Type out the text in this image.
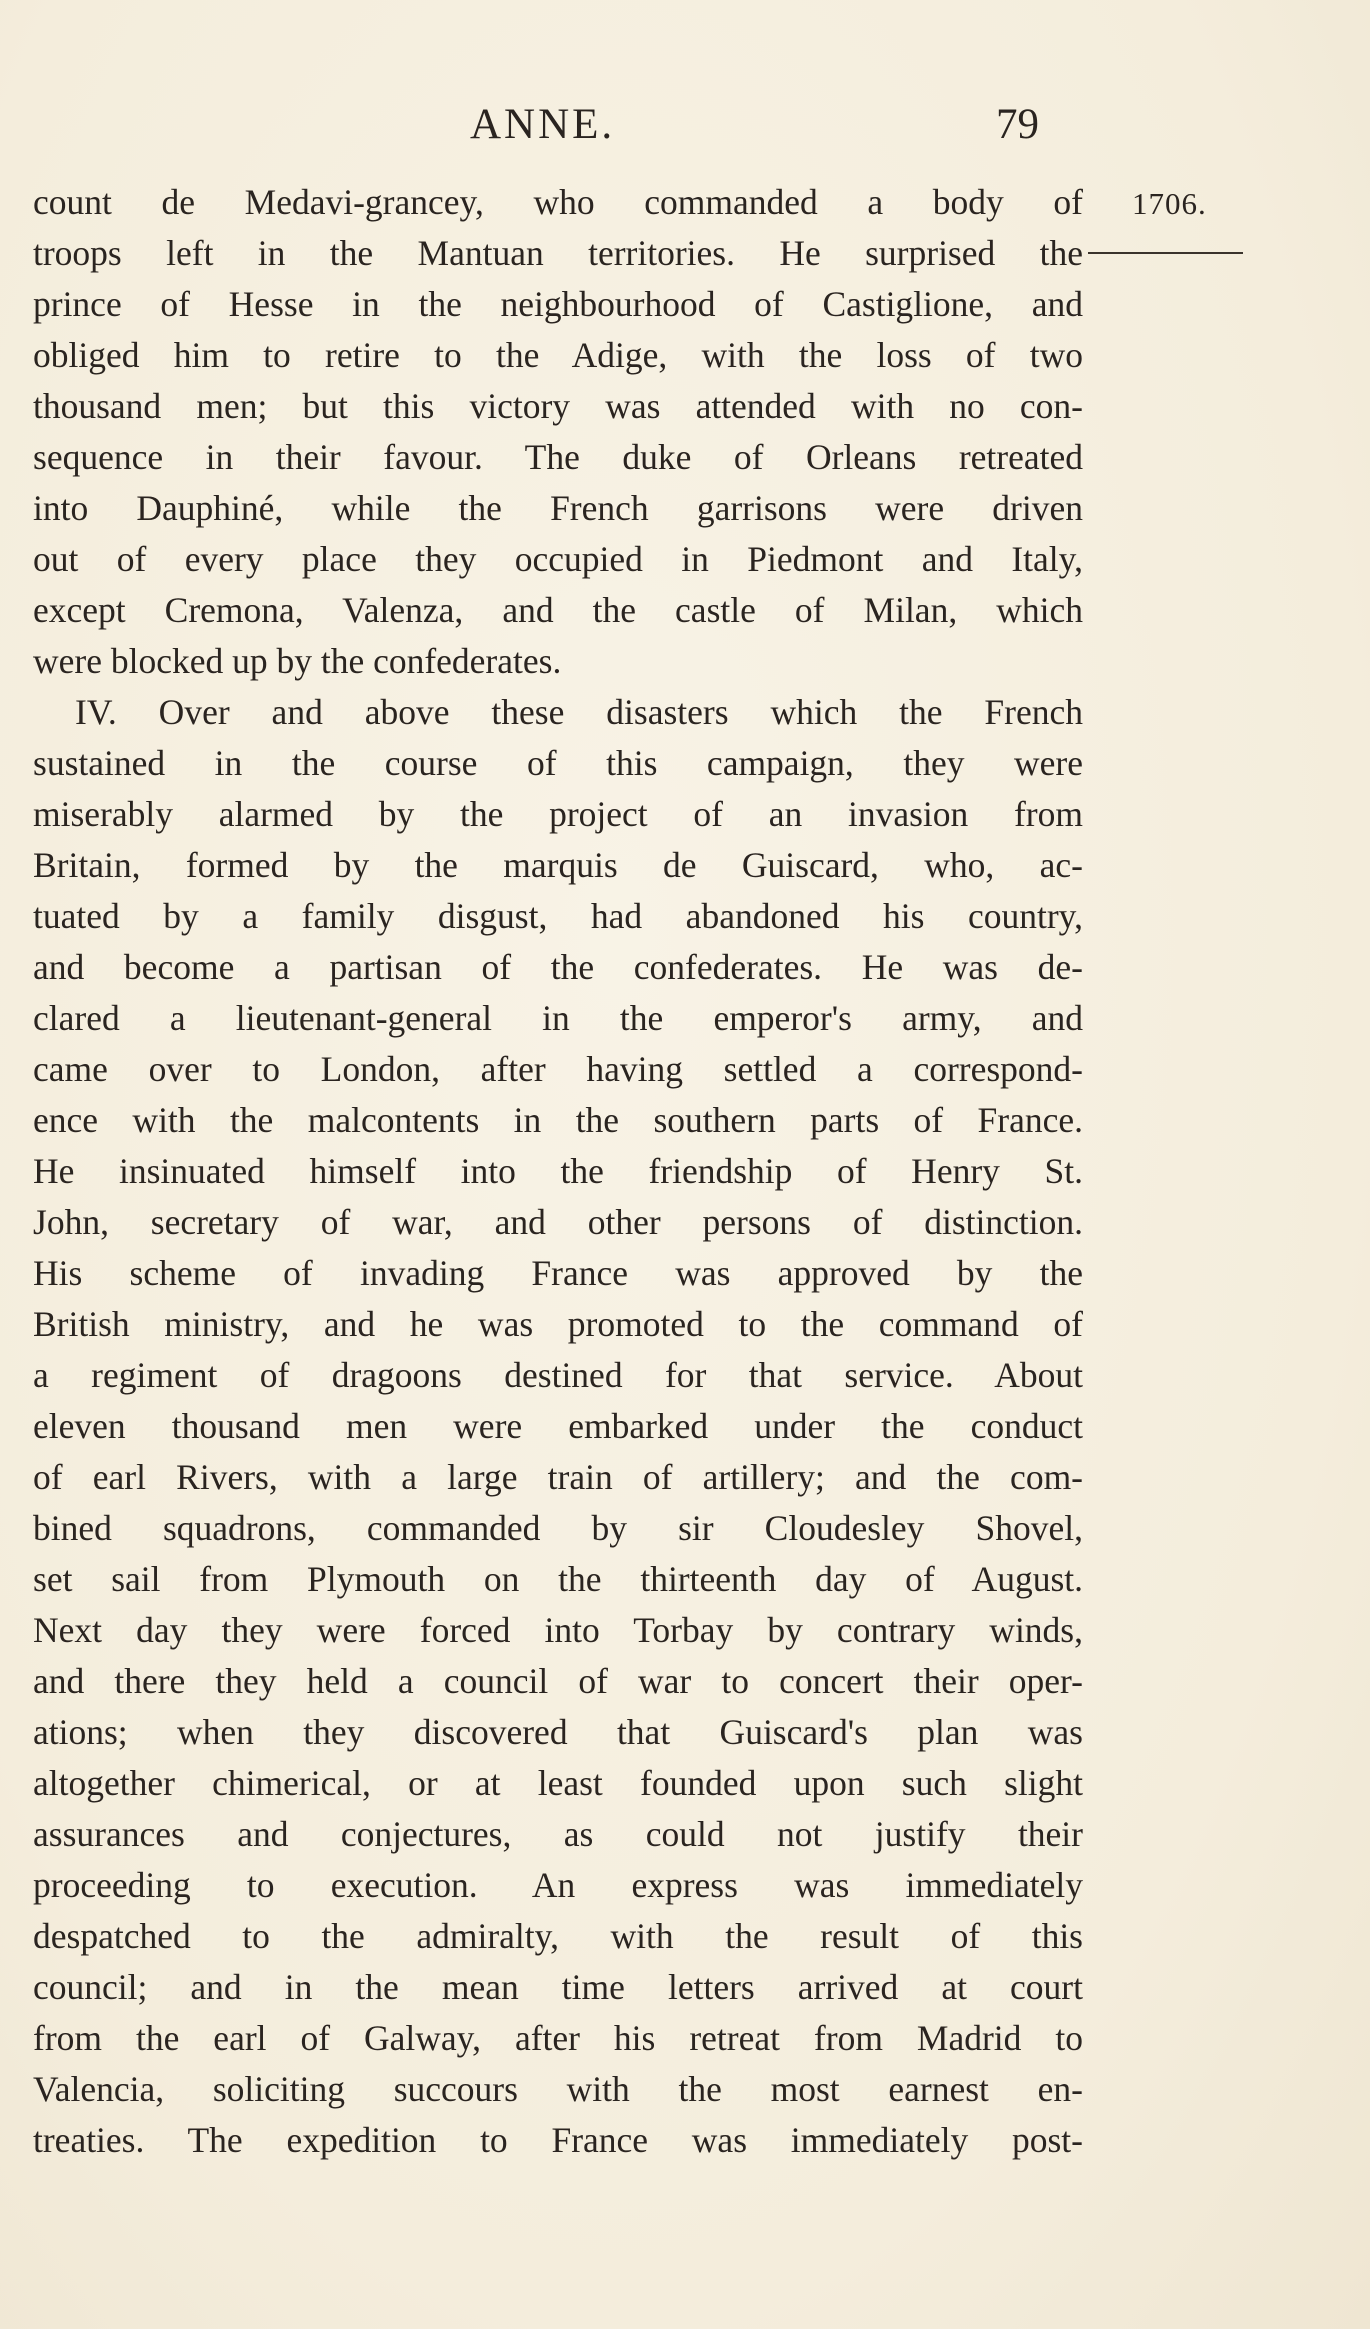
ANNE.	79
1706.
count de Medavi-grancey, who commanded a body of
troops left in the Mantuan territories. He surprised the
prince of Hesse in the neighbourhood of Castiglione, and
obliged him to retire to the Adige, with the loss of two
thousand men; but this victory was attended with no con-
sequence in their favour. The duke of Orleans retreated
into Dauphiné, while the French garrisons were driven
out of every place they occupied in Piedmont and Italy,
except Cremona, Valenza, and the castle of Milan, which
were blocked up by the confederates.
IV. Over and above these disasters which the French
sustained in the course of this campaign, they were
miserably alarmed by the project of an invasion from
Britain, formed by the marquis de Guiscard, who, ac-
tuated by a family disgust, had abandoned his country,
and become a partisan of the confederates. He was de-
clared a lieutenant-general in the emperor's army, and
came over to London, after having settled a correspond-
ence with the malcontents in the southern parts of France.
He insinuated himself into the friendship of Henry St.
John, secretary of war, and other persons of distinction.
His scheme of invading France was approved by the
British ministry, and he was promoted to the command of
a regiment of dragoons destined for that service. About
eleven thousand men were embarked under the conduct
of earl Rivers, with a large train of artillery; and the com-
bined squadrons, commanded by sir Cloudesley Shovel,
set sail from Plymouth on the thirteenth day of August.
Next day they were forced into Torbay by contrary winds,
and there they held a council of war to concert their oper-
ations; when they discovered that Guiscard's plan was
altogether chimerical, or at least founded upon such slight
assurances and conjectures, as could not justify their
proceeding to execution. An express was immediately
despatched to the admiralty, with the result of this
council; and in the mean time letters arrived at court
from the earl of Galway, after his retreat from Madrid to
Valencia, soliciting succours with the most earnest en-
treaties. The expedition to France was immediately post-
